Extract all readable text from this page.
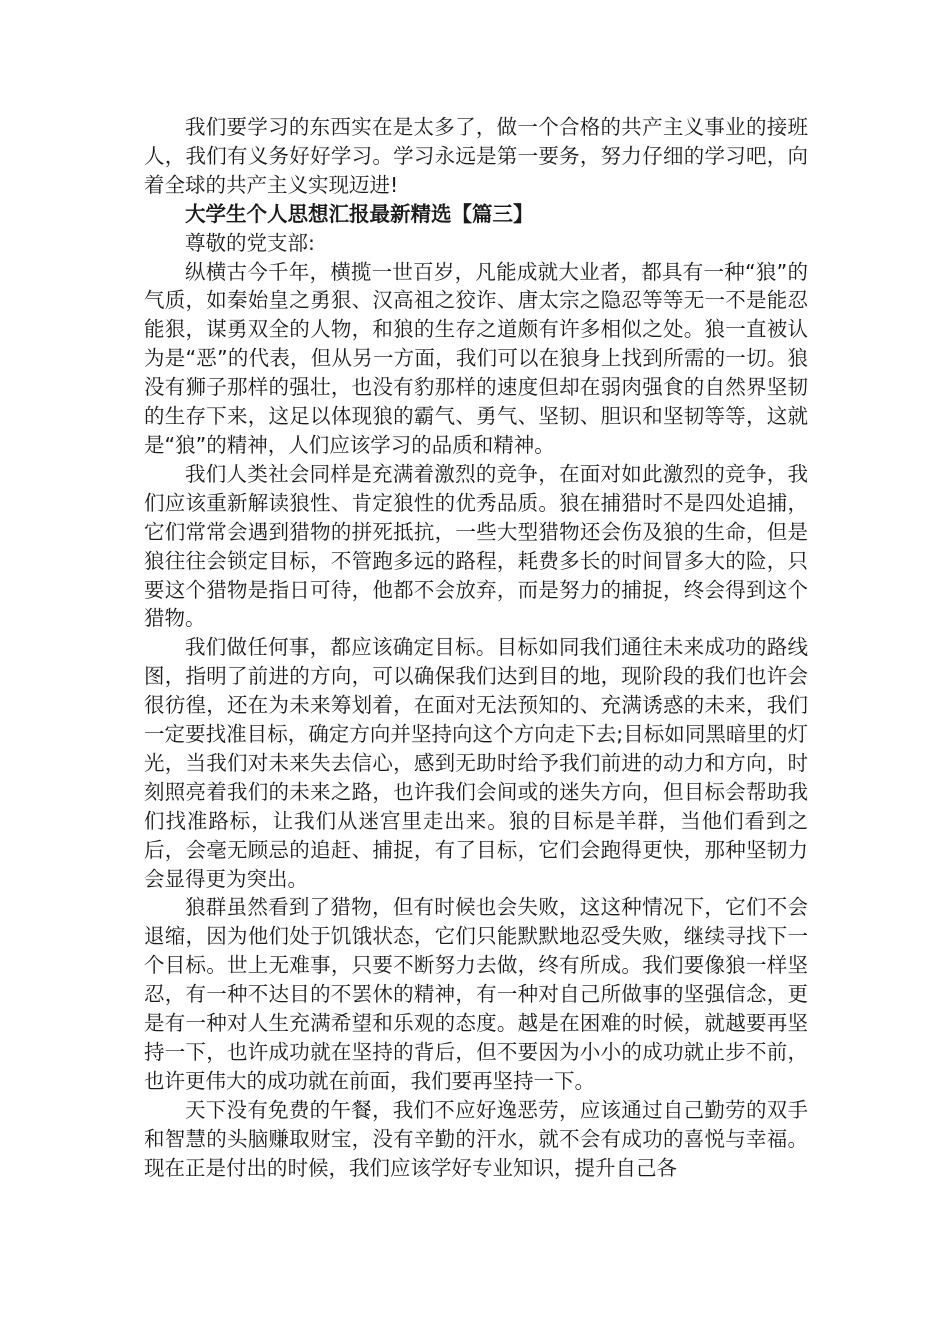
我们要学习的东西实在是太多了，做一个合格的共产主义事业的接班人，我们有义务好好学习。学习永远是第一要务，努力仔细的学习吧，向着全球的共产主义实现迈进!

大学生个人思想汇报最新精选【篇三】

尊敬的党支部:

纵横古今千年，横揽一世百岁，凡能成就大业者，都具有一种“狼”的气质，如秦始皇之勇狠、汉高祖之狡诈、唐太宗之隐忍等等无一不是能忍能狠，谋勇双全的人物，和狼的生存之道颇有许多相似之处。狼一直被认为是“恶”的代表，但从另一方面，我们可以在狼身上找到所需的一切。狼没有狮子那样的强壮，也没有豹那样的速度但却在弱肉强食的自然界坚韧的生存下来，这足以体现狼的霸气、勇气、坚韧、胆识和坚韧等等，这就是“狼”的精神，人们应该学习的品质和精神。

我们人类社会同样是充满着激烈的竞争，在面对如此激烈的竞争，我们应该重新解读狼性、肯定狼性的优秀品质。狼在捕猎时不是四处追捕，它们常常会遇到猎物的拼死抵抗，一些大型猎物还会伤及狼的生命，但是狼往往会锁定目标，不管跑多远的路程，耗费多长的时间冒多大的险，只要这个猎物是指日可待，他都不会放弃，而是努力的捕捉，终会得到这个猎物。

我们做任何事，都应该确定目标。目标如同我们通往未来成功的路线图，指明了前进的方向，可以确保我们达到目的地，现阶段的我们也许会很彷徨，还在为未来筹划着，在面对无法预知的、充满诱惑的未来，我们一定要找准目标，确定方向并坚持向这个方向走下去;目标如同黑暗里的灯光，当我们对未来失去信心，感到无助时给予我们前进的动力和方向，时刻照亮着我们的未来之路，也许我们会间或的迷失方向，但目标会帮助我们找准路标，让我们从迷宫里走出来。狼的目标是羊群，当他们看到之后，会毫无顾忌的追赶、捕捉，有了目标，它们会跑得更快，那种坚韧力会显得更为突出。

狼群虽然看到了猎物，但有时候也会失败，这这种情况下，它们不会退缩，因为他们处于饥饿状态，它们只能默默地忍受失败，继续寻找下一个目标。世上无难事，只要不断努力去做，终有所成。我们要像狼一样坚忍，有一种不达目的不罢休的精神，有一种对自己所做事的坚强信念，更是有一种对人生充满希望和乐观的态度。越是在困难的时候，就越要再坚持一下，也许成功就在坚持的背后，但不要因为小小的成功就止步不前，也许更伟大的成功就在前面，我们要再坚持一下。

天下没有免费的午餐，我们不应好逸恶劳，应该通过自己勤劳的双手和智慧的头脑赚取财宝，没有辛勤的汗水，就不会有成功的喜悦与幸福。现在正是付出的时候，我们应该学好专业知识，提升自己各
